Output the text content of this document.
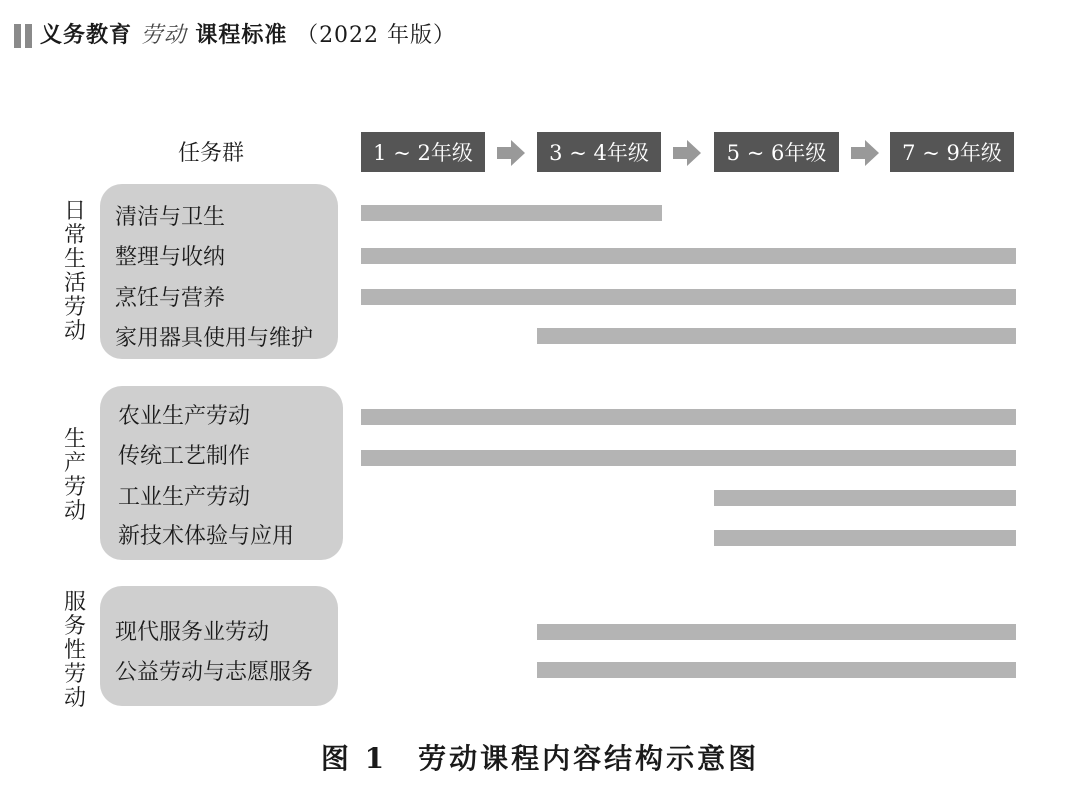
义务教育 劳动 课程标准 （2022 年版）
任务群	1 ~ 2年级	3 ~ 4年级	5 ~ 6年级	7 ~ 9年级
日
常
生
活
劳
动
清洁与卫生
整理与收纳
烹饪与营养
家用器具使用与维护
生
产
劳
动
农业生产劳动
传统工艺制作
工业生产劳动
新技术体验与应用
服
务
性
劳
动
现代服务业劳动
公益劳动与志愿服务
图 1　劳动课程内容结构示意图
